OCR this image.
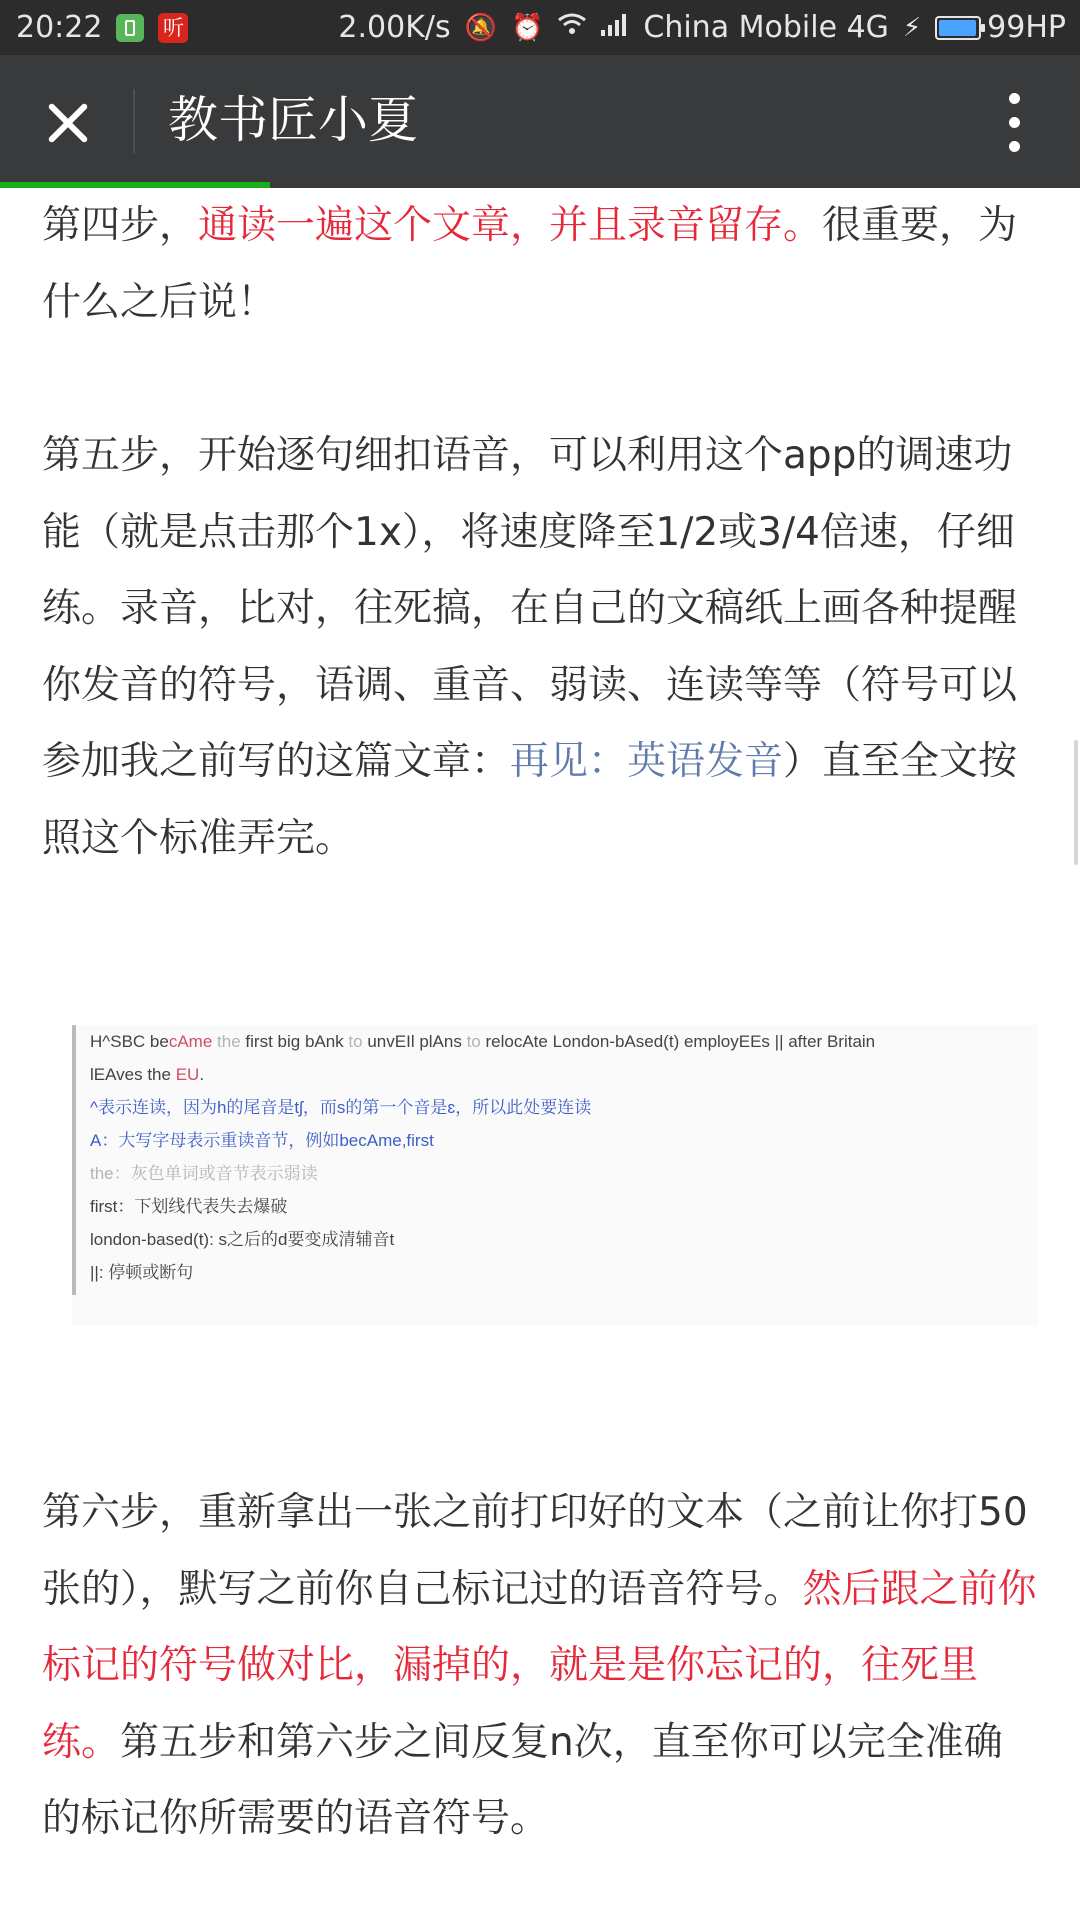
20:22	听	2.00K/s 🔕 ⏰	China Mobile 4G ⚡ 99HP
教书匠小夏

第四步，通读一遍这个文章，并且录音留存。很重要，为什么之后说！

第五步，开始逐句细扣语音，可以利用这个app的调速功能（就是点击那个1x），将速度降至1/2或3/4倍速，仔细练。录音，比对，往死搞，在自己的文稿纸上画各种提醒你发音的符号，语调、重音、弱读、连读等等（符号可以参加我之前写的这篇文章：再见：英语发音）直至全文按照这个标准弄完。

H^SBC becAme the first big bAnk to unvEIl plAns to relocAte London-bAsed(t) employEEs || after Britain
lEAves the EU.
^表示连读，因为h的尾音是tʃ，而s的第一个音是ɛ，所以此处要连读
A：大写字母表示重读音节，例如becAme,first
the：灰色单词或音节表示弱读
first：下划线代表失去爆破
london-based(t): s之后的d要变成清辅音t
||: 停顿或断句

第六步，重新拿出一张之前打印好的文本（之前让你打50张的），默写之前你自己标记过的语音符号。然后跟之前你标记的符号做对比，漏掉的，就是是你忘记的，往死里练。第五步和第六步之间反复n次，直至你可以完全准确的标记你所需要的语音符号。
